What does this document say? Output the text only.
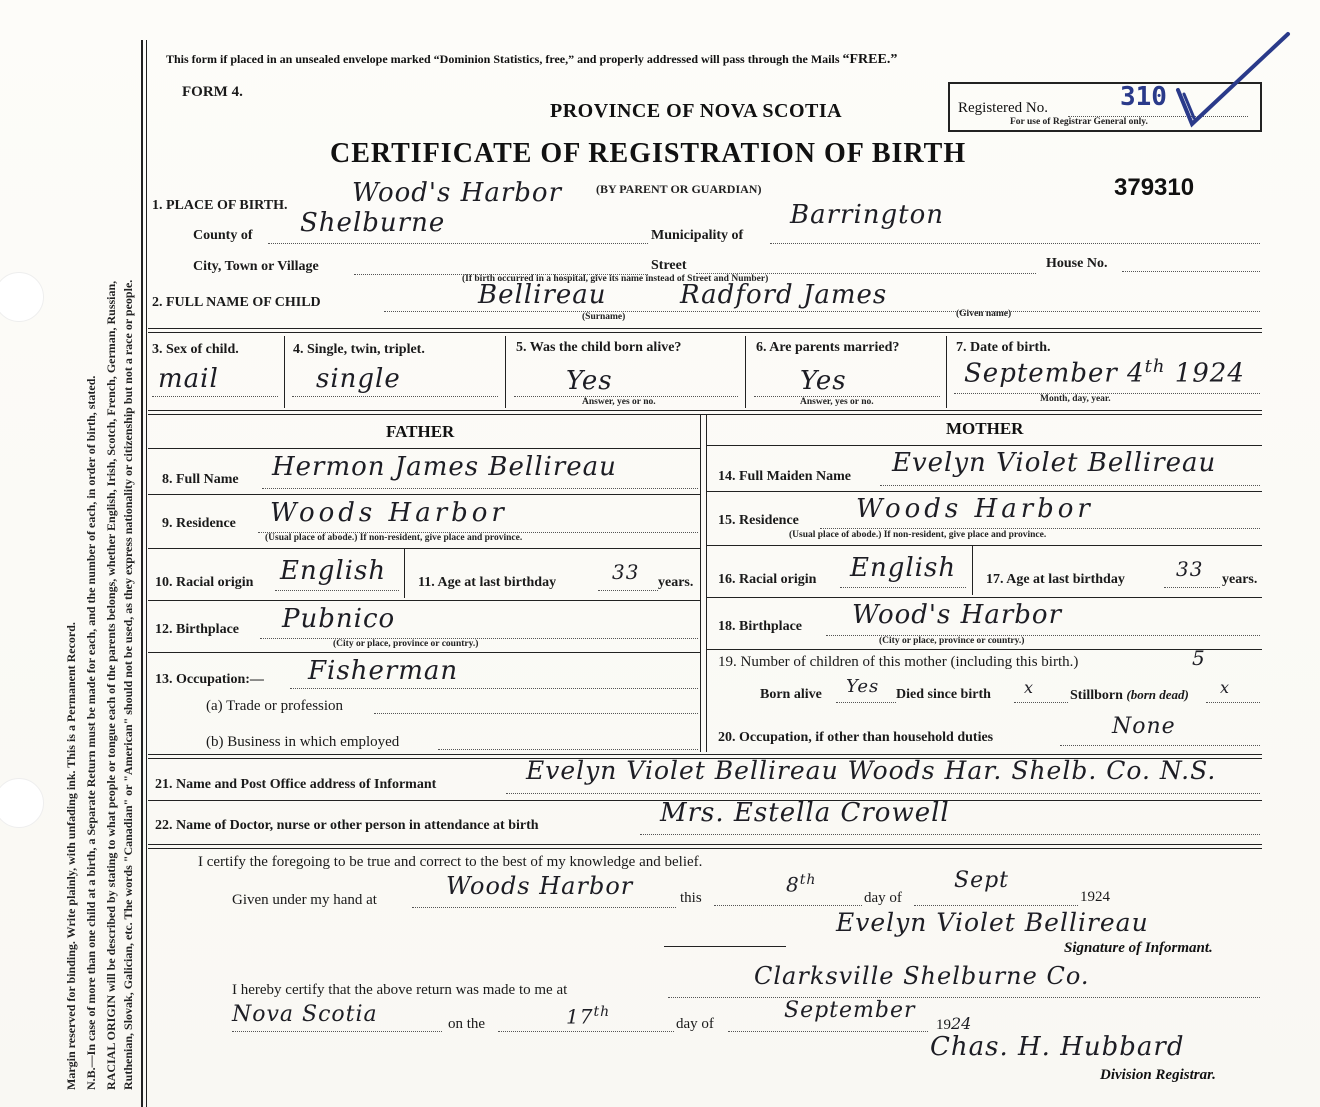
Margin reserved for binding. Write plainly, with unfading ink. This is a Permanent Record. N.B.—In case of more than one child at a birth, a Separate Return must be made for each, and the number of each, in order of birth, stated. RACIAL ORIGIN will be described by stating to what people or tongue each of the parents belongs, whether English, Irish, Scotch, French, German, Russian, Ruthenian, Slovak, Galician, etc. The words "Canadian" or "American" should not be used, as they express nationality or citizenship but not a race or people.
This form if placed in an unsealed envelope marked “Dominion Statistics, free,” and properly addressed will pass through the Mails “FREE.”
FORM 4.
PROVINCE OF NOVA SCOTIA
CERTIFICATE OF REGISTRATION OF BIRTH
Registered No.	310
For use of Registrar General only.
379310
1. PLACE OF BIRTH. Wood's Harbor	(BY PARENT OR GUARDIAN)
County of Shelburne	Municipality of
Barrington
City, Town or Village	Street	House No.
(If birth occurred in a hospital, give its name instead of Street and Number)
2. FULL NAME OF CHILD	Bellireau	Radford James
(Surname)	(Given name)
3. Sex of child.
mail
4. Single, twin, triplet.
single
5. Was the child born alive?
Yes
Answer, yes or no.
6. Are parents married?
Yes
Answer, yes or no.
7. Date of birth.
September 4th 1924
Month, day, year.
FATHER	MOTHER
8. Full Name Hermon James Bellireau
9. Residence Woods Harbor
(Usual place of abode.) If non-resident, give place and province.
10. Racial origin English 11. Age at last birthday	33 years.
12. Birthplace Pubnico
(City or place, province or country.)
13. Occupation:— Fisherman
(a) Trade or profession
(b) Business in which employed
14. Full Maiden Name Evelyn Violet Bellireau
15. Residence Woods Harbor
(Usual place of abode.) If non-resident, give place and province.
16. Racial origin English 17. Age at last birthday	33 years.
18. Birthplace Wood's Harbor
(City or place, province or country.)
19. Number of children of this mother (including this birth.)	5
Born alive Yes Died since birth x	Stillborn (born dead) x
20. Occupation, if other than household duties	None
21. Name and Post Office address of Informant	Evelyn Violet Bellireau Woods Har. Shelb. Co. N.S.
22. Name of Doctor, nurse or other person in attendance at birth	Mrs. Estella Crowell
I certify the foregoing to be true and correct to the best of my knowledge and belief.
Given under my hand at	Woods Harbor	this
8th
day of
Sept
1924
Evelyn Violet Bellireau
Signature of Informant.
I hereby certify that the above return was made to me at	Clarksville Shelburne Co.
Nova Scotia	on the	17th
day of
September
1924
Chas. H. Hubbard
Division Registrar.
